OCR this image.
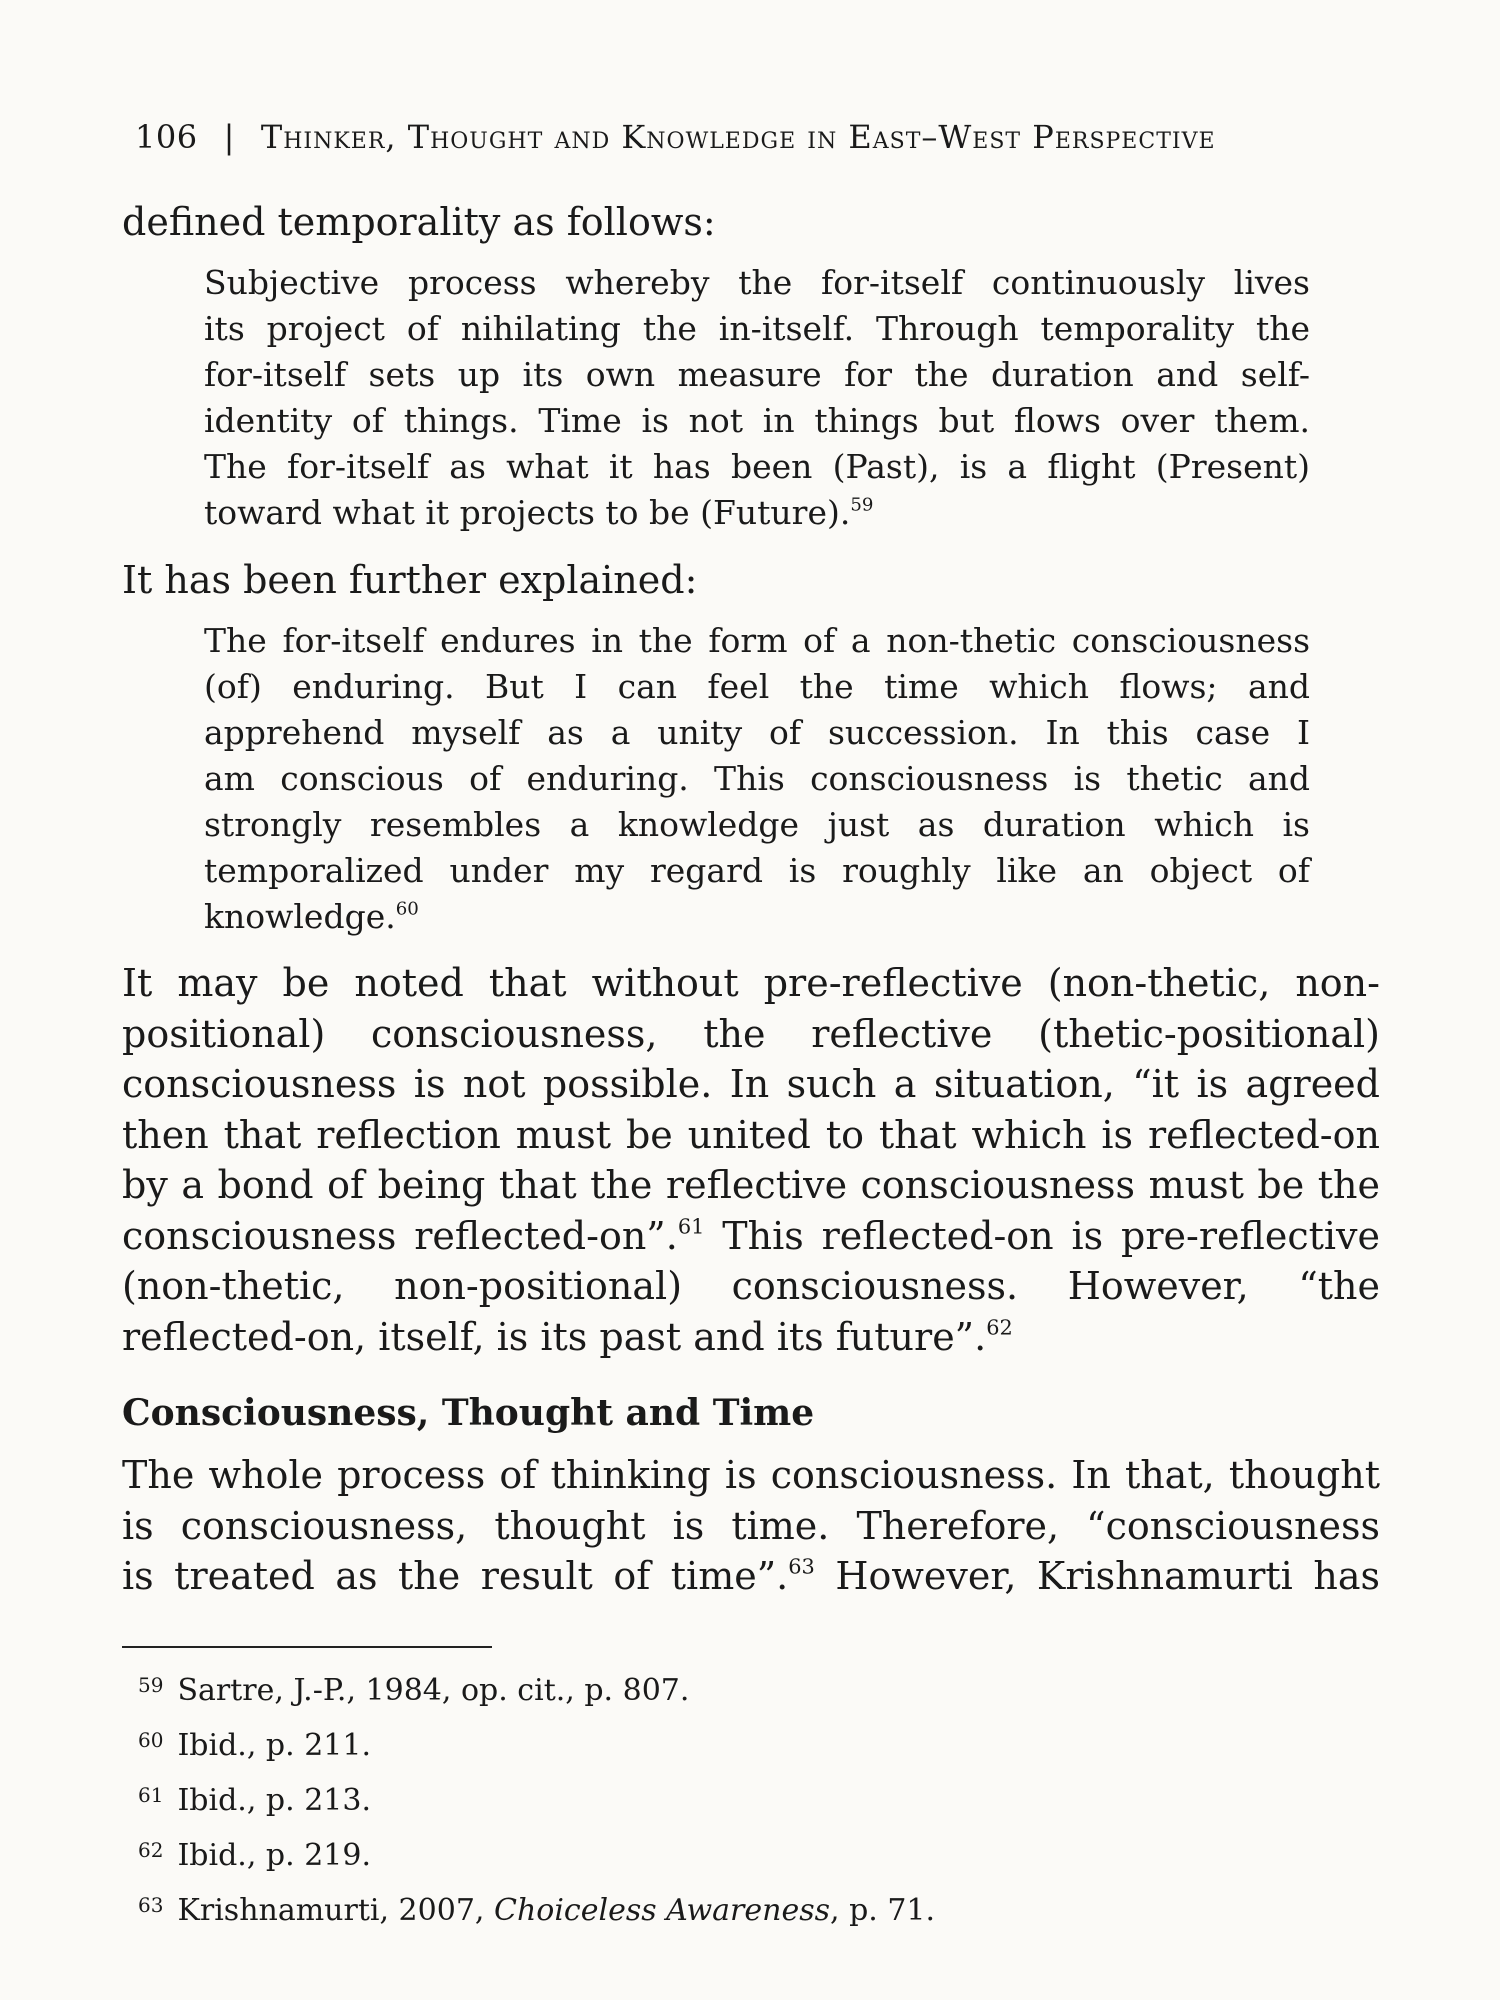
106 | Thinker, Thought and Knowledge in East–West Perspective
defined temporality as follows:
Subjective process whereby the for-itself continuously lives
its project of nihilating the in-itself. Through temporality the
for-itself sets up its own measure for the duration and self-
identity of things. Time is not in things but flows over them.
The for-itself as what it has been (Past), is a flight (Present)
toward what it projects to be (Future).$^{59}$
It has been further explained:
The for-itself endures in the form of a non-thetic consciousness
(of) enduring. But I can feel the time which flows; and
apprehend myself as a unity of succession. In this case I
am conscious of enduring. This consciousness is thetic and
strongly resembles a knowledge just as duration which is
temporalized under my regard is roughly like an object of
knowledge.$^{60}$
It may be noted that without pre-reflective (non-thetic, non-
positional) consciousness, the reflective (thetic-positional)
consciousness is not possible. In such a situation, “it is agreed
then that reflection must be united to that which is reflected-on
by a bond of being that the reflective consciousness must be the
consciousness reflected-on”.$^{61}$ This reflected-on is pre-reflective
(non-thetic, non-positional) consciousness. However, “the
reflected-on, itself, is its past and its future”.$^{62}$
Consciousness, Thought and Time
The whole process of thinking is consciousness. In that, thought
is consciousness, thought is time. Therefore, “consciousness
is treated as the result of time”.$^{63}$ However, Krishnamurti has
$^{59}$ Sartre, J.-P., 1984, op. cit., p. 807.
$^{60}$ Ibid., p. 211.
$^{61}$ Ibid., p. 213.
$^{62}$ Ibid., p. 219.
$^{63}$ Krishnamurti, 2007, Choiceless Awareness, p. 71.
